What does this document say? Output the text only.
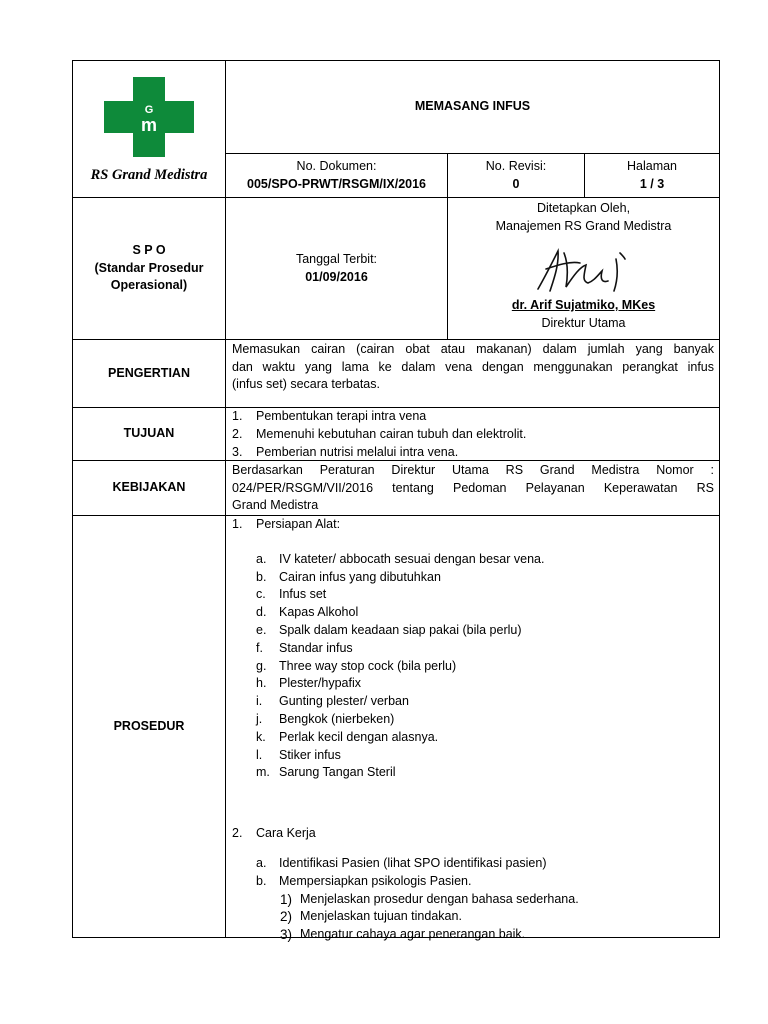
G
m
RS Grand Medistra
MEMASANG INFUS
No. Dokumen:
005/SPO-PRWT/RSGM/IX/2016
No. Revisi:
0
Halaman
1 / 3
S P O
(Standar Prosedur
Operasional)
Tanggal Terbit:
01/09/2016
Ditetapkan Oleh,
Manajemen RS Grand Medistra
dr. Arif Sujatmiko, MKes
Direktur Utama
PENGERTIAN
Memasukan cairan (cairan obat atau makanan) dalam jumlah yang banyak
dan waktu yang lama ke dalam vena dengan menggunakan perangkat infus
(infus set) secara terbatas.
TUJUAN
1. Pembentukan terapi intra vena
2. Memenuhi kebutuhan cairan tubuh dan elektrolit.
3. Pemberian nutrisi melalui intra vena.
KEBIJAKAN
Berdasarkan Peraturan Direktur Utama RS Grand Medistra Nomor :
024/PER/RSGM/VII/2016 tentang Pedoman Pelayanan Keperawatan RS
Grand Medistra
PROSEDUR
1. Persiapan Alat:
a. IV kateter/ abbocath sesuai dengan besar vena.
b. Cairan infus yang dibutuhkan
c. Infus set
d. Kapas Alkohol
e. Spalk dalam keadaan siap pakai (bila perlu)
f. Standar infus
g. Three way stop cock (bila perlu)
h. Plester/hypafix
i. Gunting plester/ verban
j. Bengkok (nierbeken)
k. Perlak kecil dengan alasnya.
l. Stiker infus
m. Sarung Tangan Steril
2. Cara Kerja
a. Identifikasi Pasien (lihat SPO identifikasi pasien)
b. Mempersiapkan psikologis Pasien.
1) Menjelaskan prosedur dengan bahasa sederhana.
2) Menjelaskan tujuan tindakan.
3) Mengatur cahaya agar penerangan baik.
